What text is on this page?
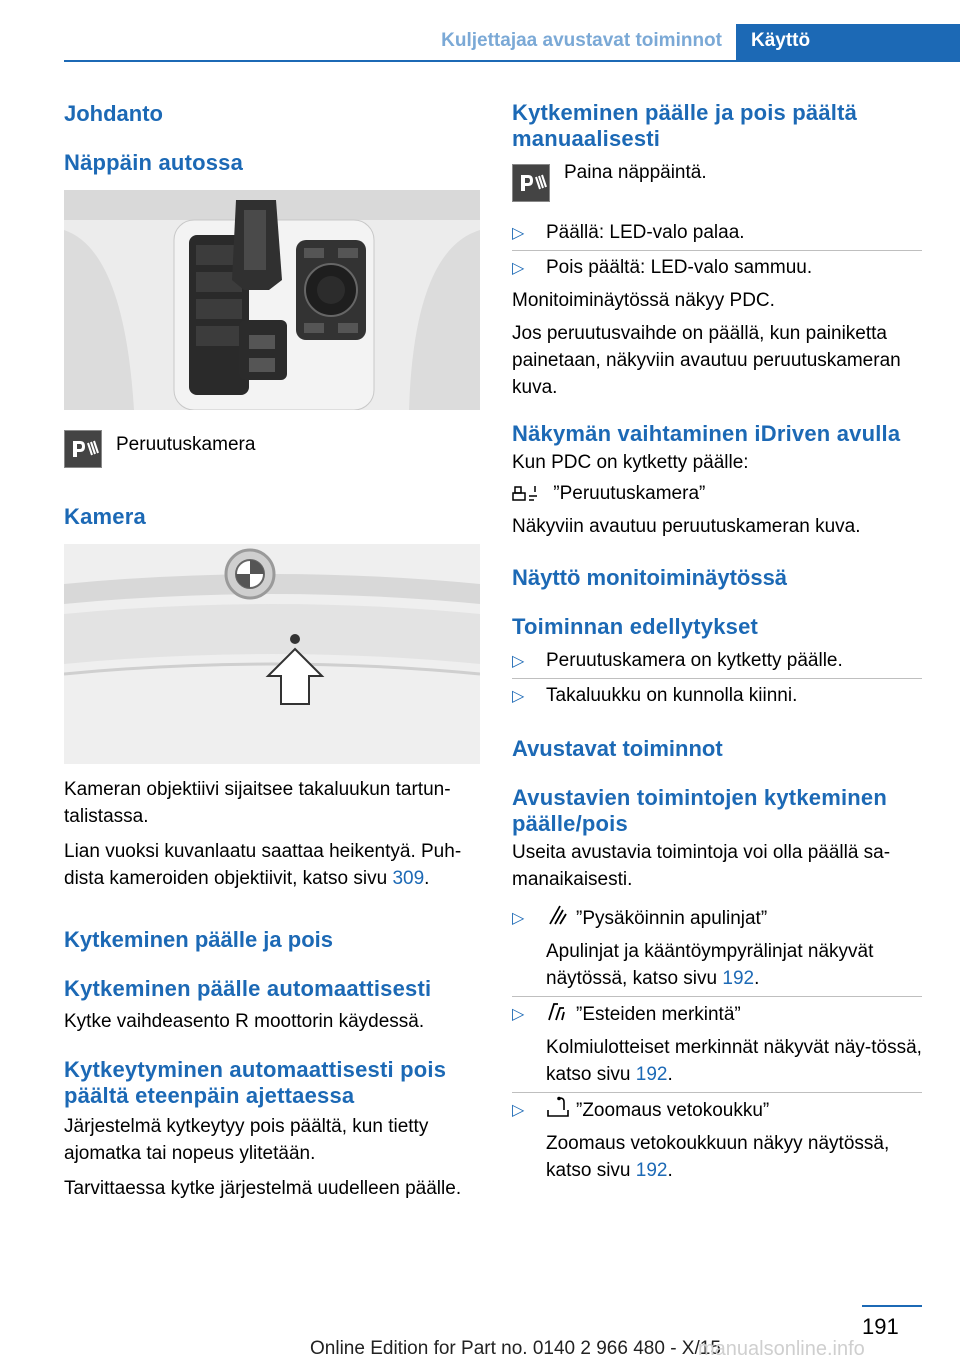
Kuljettajaa avustavat toiminnot	Käyttö
Johdanto
Näppäin autossa
Peruutuskamera
Kamera

Kameran objektiivi sijaitsee takaluukun tartun‐talistassa.

Lian vuoksi kuvanlaatu saattaa heikentyä. Puh‐dista kameroiden objektiivit, katso sivu 309.

Kytkeminen päälle ja pois
Kytkeminen päälle automaattisesti

Kytke vaihdeasento R moottorin käydessä.

Kytkeytyminen automaattisesti pois päältä eteenpäin ajettaessa

Järjestelmä kytkeytyy pois päältä, kun tietty ajomatka tai nopeus ylitetään.

Tarvittaessa kytke järjestelmä uudelleen päälle.

Kytkeminen päälle ja pois päältä manuaalisesti
Paina näppäintä.
▷ Päällä: LED-valo palaa.
▷ Pois päältä: LED-valo sammuu.

Monitoiminäytössä näkyy PDC.

Jos peruutusvaihde on päällä, kun painiketta painetaan, näkyviin avautuu peruutuskameran kuva.

Näkymän vaihtaminen iDriven avulla

Kun PDC on kytketty päälle:

”Peruutuskamera”

Näkyviin avautuu peruutuskameran kuva.

Näyttö monitoiminäytössä
Toiminnan edellytykset
▷ Peruutuskamera on kytketty päälle.
▷ Takaluukku on kunnolla kiinni.
Avustavat toiminnot
Avustavien toimintojen kytkeminen päälle/pois

Useita avustavia toimintoja voi olla päällä sa‐manaikaisesti.

▷	”Pysäköinnin apulinjat”
Apulinjat ja kääntöympyrälinjat näkyvät näytössä, katso sivu 192.
▷	”Esteiden merkintä”
Kolmiulotteiset merkinnät näkyvät näy‐tössä, katso sivu 192.
▷	”Zoomaus vetokoukku”
Zoomaus vetokoukkuun näkyy näytössä, katso sivu 192.
191
Online Edition for Part no. 0140 2 966 480 - X/15
manualsonline.info
